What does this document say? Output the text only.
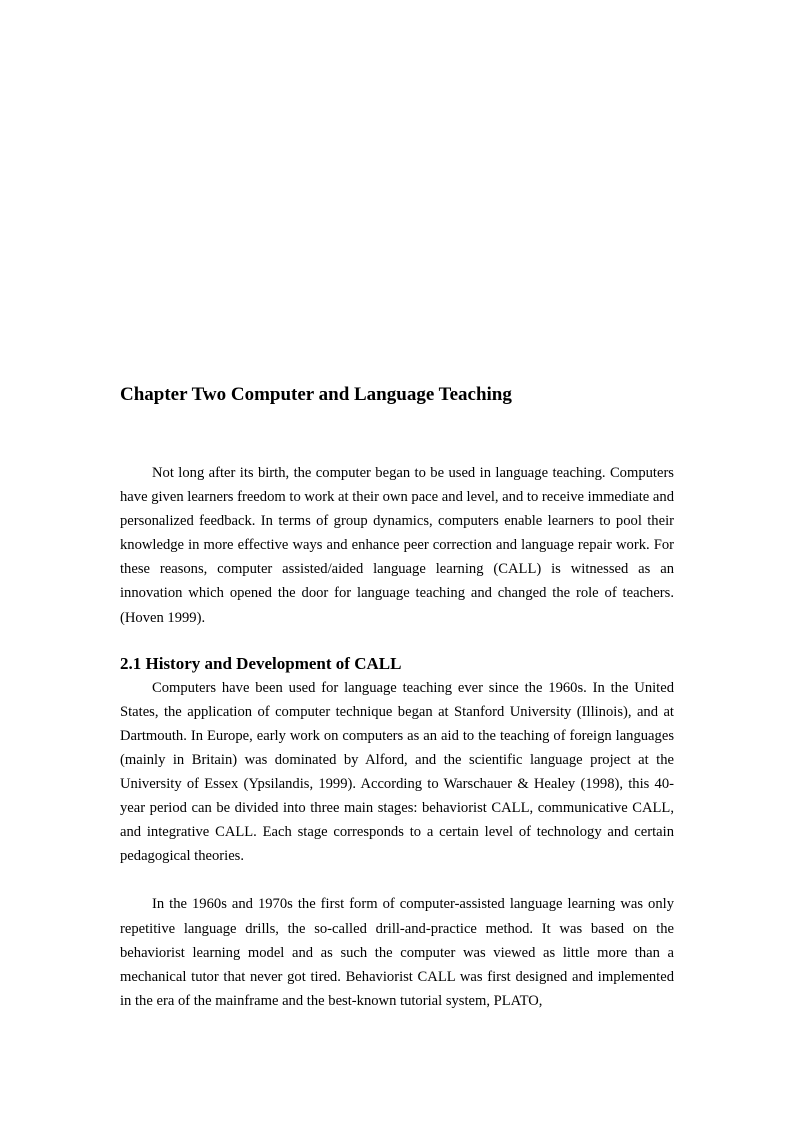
Chapter Two Computer and Language Teaching

Not long after its birth, the computer began to be used in language teaching. Computers have given learners freedom to work at their own pace and level, and to receive immediate and personalized feedback. In terms of group dynamics, computers enable learners to pool their knowledge in more effective ways and enhance peer correction and language repair work. For these reasons, computer assisted/aided language learning (CALL) is witnessed as an innovation which opened the door for language teaching and changed the role of teachers.(Hoven 1999).

2.1 History and Development of CALL

Computers have been used for language teaching ever since the 1960s. In the United States, the application of computer technique began at Stanford University (Illinois), and at Dartmouth. In Europe, early work on computers as an aid to the teaching of foreign languages (mainly in Britain) was dominated by Alford, and the scientific language project at the University of Essex (Ypsilandis, 1999). According to Warschauer & Healey (1998), this 40-year period can be divided into three main stages: behaviorist CALL, communicative CALL, and integrative CALL. Each stage corresponds to a certain level of technology and certain pedagogical theories.

In the 1960s and 1970s the first form of computer-assisted language learning was only repetitive language drills, the so-called drill-and-practice method. It was based on the behaviorist learning model and as such the computer was viewed as little more than a mechanical tutor that never got tired. Behaviorist CALL was first designed and implemented in the era of the mainframe and the best-known tutorial system, PLATO,
